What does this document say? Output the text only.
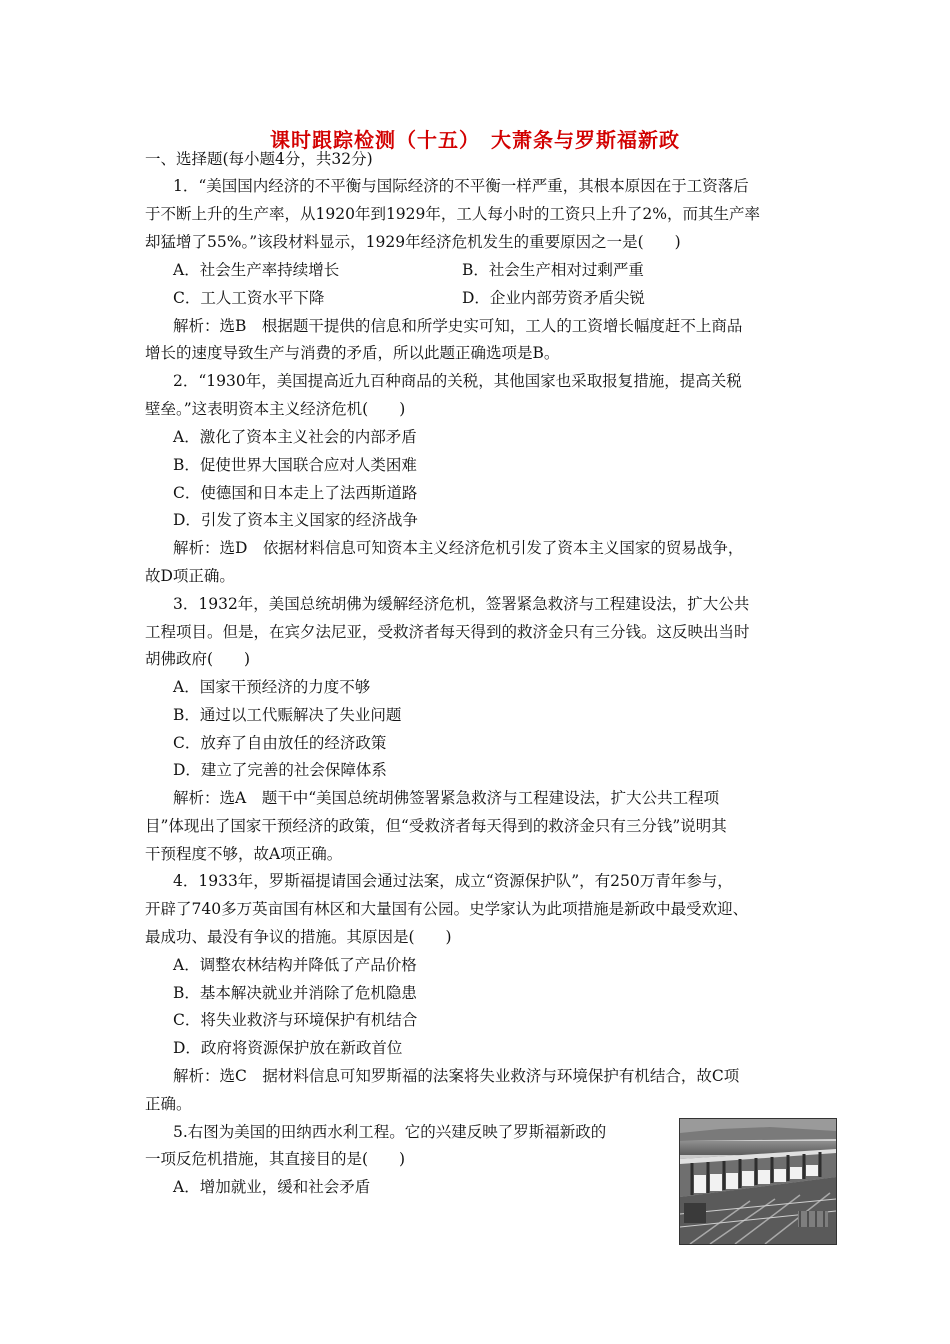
课时跟踪检测（十五）　大萧条与罗斯福新政
一、选择题(每小题4分，共32分)
1．“美国国内经济的不平衡与国际经济的不平衡一样严重，其根本原因在于工资落后
于不断上升的生产率，从1920年到1929年，工人每小时的工资只上升了2%，而其生产率
却猛增了55%。”该段材料显示，1929年经济危机发生的重要原因之一是(　　)
A．社会生产率持续增长	B．社会生产相对过剩严重
C．工人工资水平下降	D．企业内部劳资矛盾尖锐
解析：选B　根据题干提供的信息和所学史实可知，工人的工资增长幅度赶不上商品
增长的速度导致生产与消费的矛盾，所以此题正确选项是B。
2．“1930年，美国提高近九百种商品的关税，其他国家也采取报复措施，提高关税
壁垒。”这表明资本主义经济危机(　　)
A．激化了资本主义社会的内部矛盾
B．促使世界大国联合应对人类困难
C．使德国和日本走上了法西斯道路
D．引发了资本主义国家的经济战争
解析：选D　依据材料信息可知资本主义经济危机引发了资本主义国家的贸易战争，
故D项正确。
3．1932年，美国总统胡佛为缓解经济危机，签署紧急救济与工程建设法，扩大公共
工程项目。但是，在宾夕法尼亚，受救济者每天得到的救济金只有三分钱。这反映出当时
胡佛政府(　　)
A．国家干预经济的力度不够
B．通过以工代赈解决了失业问题
C．放弃了自由放任的经济政策
D．建立了完善的社会保障体系
解析：选A　题干中“美国总统胡佛签署紧急救济与工程建设法，扩大公共工程项
目”体现出了国家干预经济的政策，但“受救济者每天得到的救济金只有三分钱”说明其
干预程度不够，故A项正确。
4．1933年，罗斯福提请国会通过法案，成立“资源保护队”，有250万青年参与，
开辟了740多万英亩国有林区和大量国有公园。史学家认为此项措施是新政中最受欢迎、
最成功、最没有争议的措施。其原因是(　　)
A．调整农林结构并降低了产品价格
B．基本解决就业并消除了危机隐患
C．将失业救济与环境保护有机结合
D．政府将资源保护放在新政首位
解析：选C　据材料信息可知罗斯福的法案将失业救济与环境保护有机结合，故C项
正确。
5.右图为美国的田纳西水利工程。它的兴建反映了罗斯福新政的
一项反危机措施，其直接目的是(　　)
A．增加就业，缓和社会矛盾
